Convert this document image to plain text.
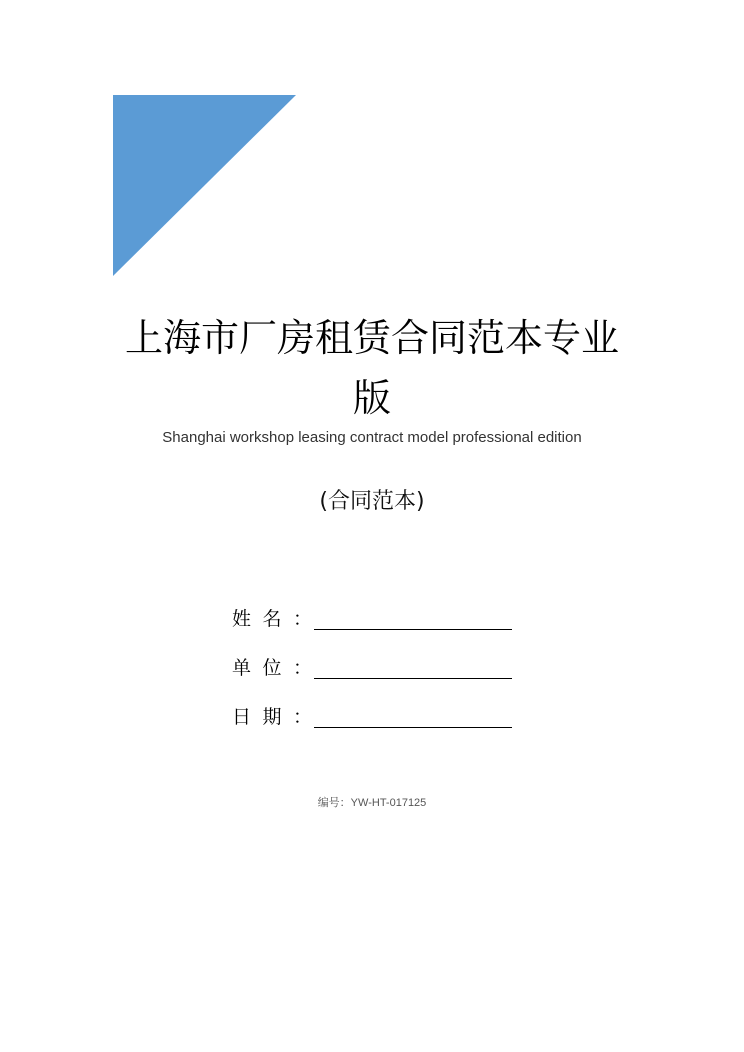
上海市厂房租赁合同范本专业
版
Shanghai workshop leasing contract model professional edition
(合同范本)
姓 名 ：
单 位 ：
日 期 ：
编号：YW-HT-017125
